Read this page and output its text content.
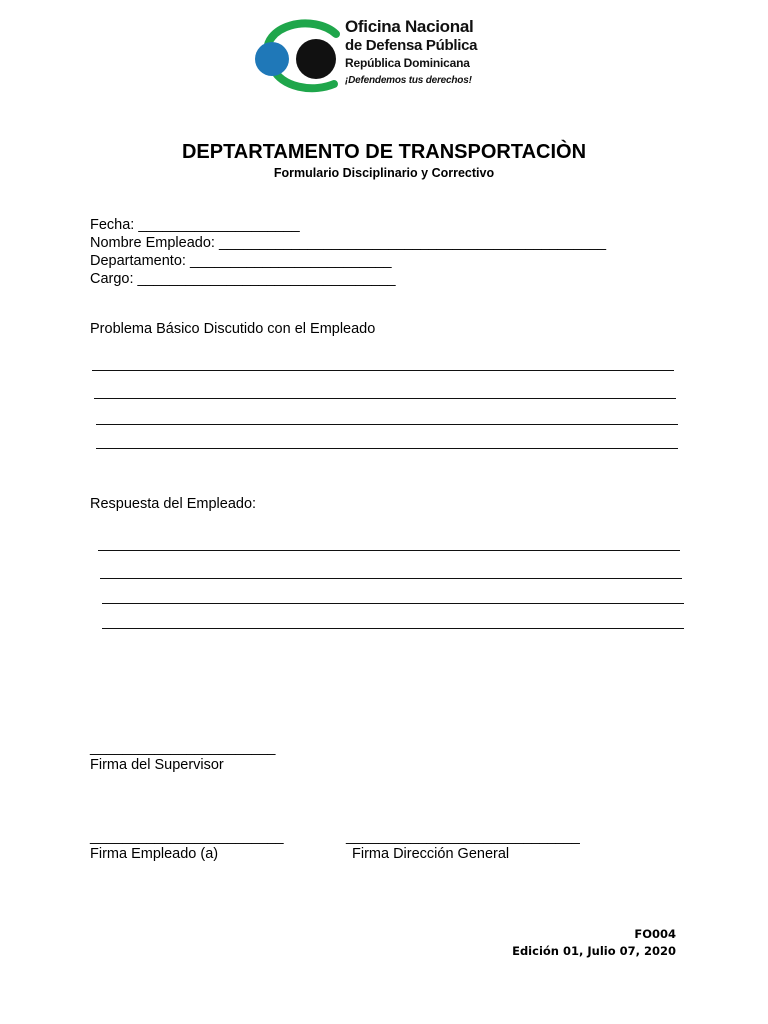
Oficina Nacional
de Defensa Pública
República Dominicana
¡Defendemos tus derechos!
DEPTARTAMENTO DE TRANSPORTACIÒN
Formulario Disciplinario y Correctivo
Fecha: ____________________
Nombre Empleado: ________________________________________________
Departamento: _________________________
Cargo: ________________________________
Problema Básico Discutido con el Empleado
Respuesta del Empleado:
_______________________
Firma del Supervisor
________________________
Firma Empleado (a)
_____________________________
Firma Dirección General
FO004
Edición 01, Julio 07, 2020
